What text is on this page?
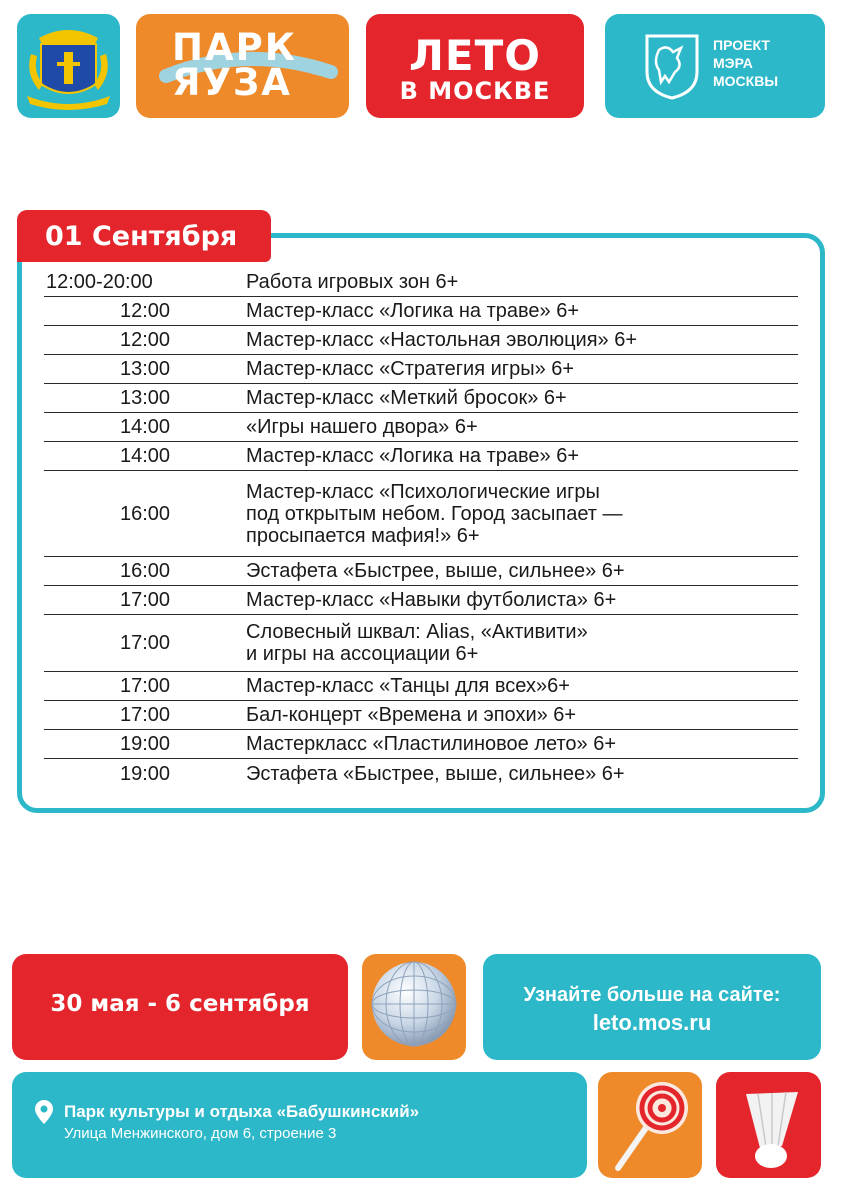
ПАРК
ЯУЗА
ЛЕТО
В МОСКВЕ
ПРОЕКТ
МЭРА
МОСКВЫ
01 Сентября
12:00-20:00	Работа игровых зон 6+
12:00	Мастер-класс «Логика на траве» 6+
12:00	Мастер-класс «Настольная эволюция» 6+
13:00	Мастер-класс «Стратегия игры» 6+
13:00	Мастер-класс «Меткий бросок» 6+
14:00	«Игры нашего двора» 6+
14:00	Мастер-класс «Логика на траве» 6+
16:00
Мастер-класс «Психологические игры
под открытым небом. Город засыпает —
просыпается мафия!» 6+
16:00	Эстафета «Быстрее, выше, сильнее» 6+
17:00	Мастер-класс «Навыки футболиста» 6+
17:00	Словесный шквал: Alias, «Активити»
и игры на ассоциации 6+
17:00	Мастер-класс «Танцы для всех»6+
17:00	Бал-концерт «Времена и эпохи» 6+
19:00	Мастеркласс «Пластилиновое лето» 6+
19:00	Эстафета «Быстрее, выше, сильнее» 6+
30 мая - 6 сентября	Узнайте больше на сайте:
leto.mos.ru
Парк культуры и отдыха «Бабушкинский»
Улица Менжинского, дом 6, строение 3
